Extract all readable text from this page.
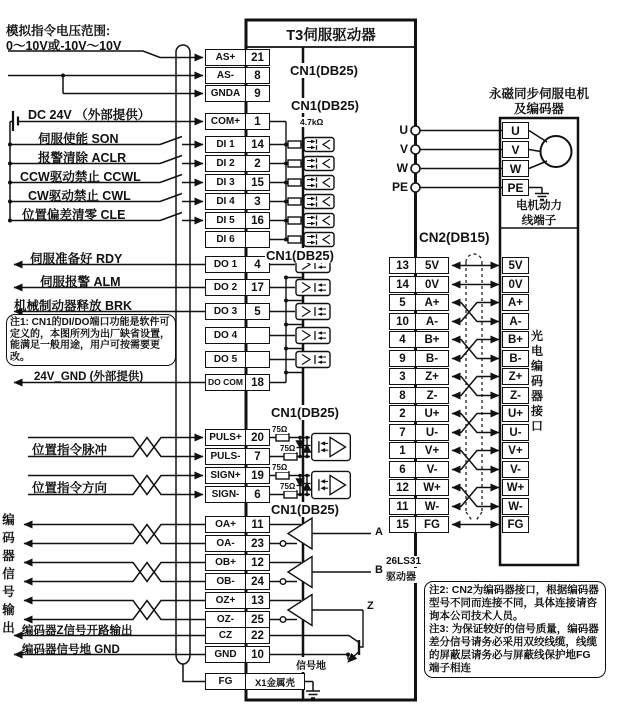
T3伺服驱动器
模拟指令电压范围:
0～10V或-10V～10V
DC 24V （外部提供）
24V_GND (外部提供)
位置指令脉冲
位置指令方向
编码器信号输出 编码器Z信号开路输出
编码器信号地 GND
注1: CN1的DI/DO端口功能是软件可定义的，本图所列为出厂缺省设置，能满足一般用途，用户可按需要更改。

注2: CN2为编码器接口，根据编码器型号不同而连接不同，具体连接请咨询本公司技术人员。

注3: 为保证较好的信号质量，编码器差分信号请务必采用双绞线缆，线缆的屏蔽层请务必与屏蔽线保护地FG端子相连

CN1(DB25)
CN1(DB25)
CN1(DB25)
CN1(DB25)
CN1(DB25)
CN2(DB15)
4.7kΩ
75Ω
75Ω
75Ω
75Ω
A
B
26LS31
驱动器
Z
信号地
FG	X1金属壳
永磁同步伺服电机
及编码器
电机动力
线端子
光电编码器接口
AS+	21
AS-	8
GNDA	9
COM+	1
DI 1	14
DI 2	2
DI 3	15
DI 4	3
DI 5	16
DI 6
DO 1	4
DO 2	17
DO 3	5
DO 4
DO 5
DO COM 18
PULS+ 20
PULS-	7
SIGN+ 19
SIGN-	6
OA+	11
OA-	23
OB+	12
OB-	24
OZ+	13
OZ-	25
CZ	22
GND	10
13	5V	5V
14	0V	0V
5	A+	A+
10	A-	A-
4	B+	B+
9	B-	B-
3	Z+	Z+
8	Z-	Z-
2	U+	U+
7	U-	U-
1	V+	V+
6	V-	V-
12	W+	W+
11	W-	W-
15	FG	FG
U
V
W
PE
U
V
W
PE
伺服使能 SON
报警清除 ACLR
CCW驱动禁止 CCWL
CW驱动禁止 CWL
位置偏差清零 CLE
伺服准备好 RDY
伺服报警 ALM
机械制动器释放 BRK
